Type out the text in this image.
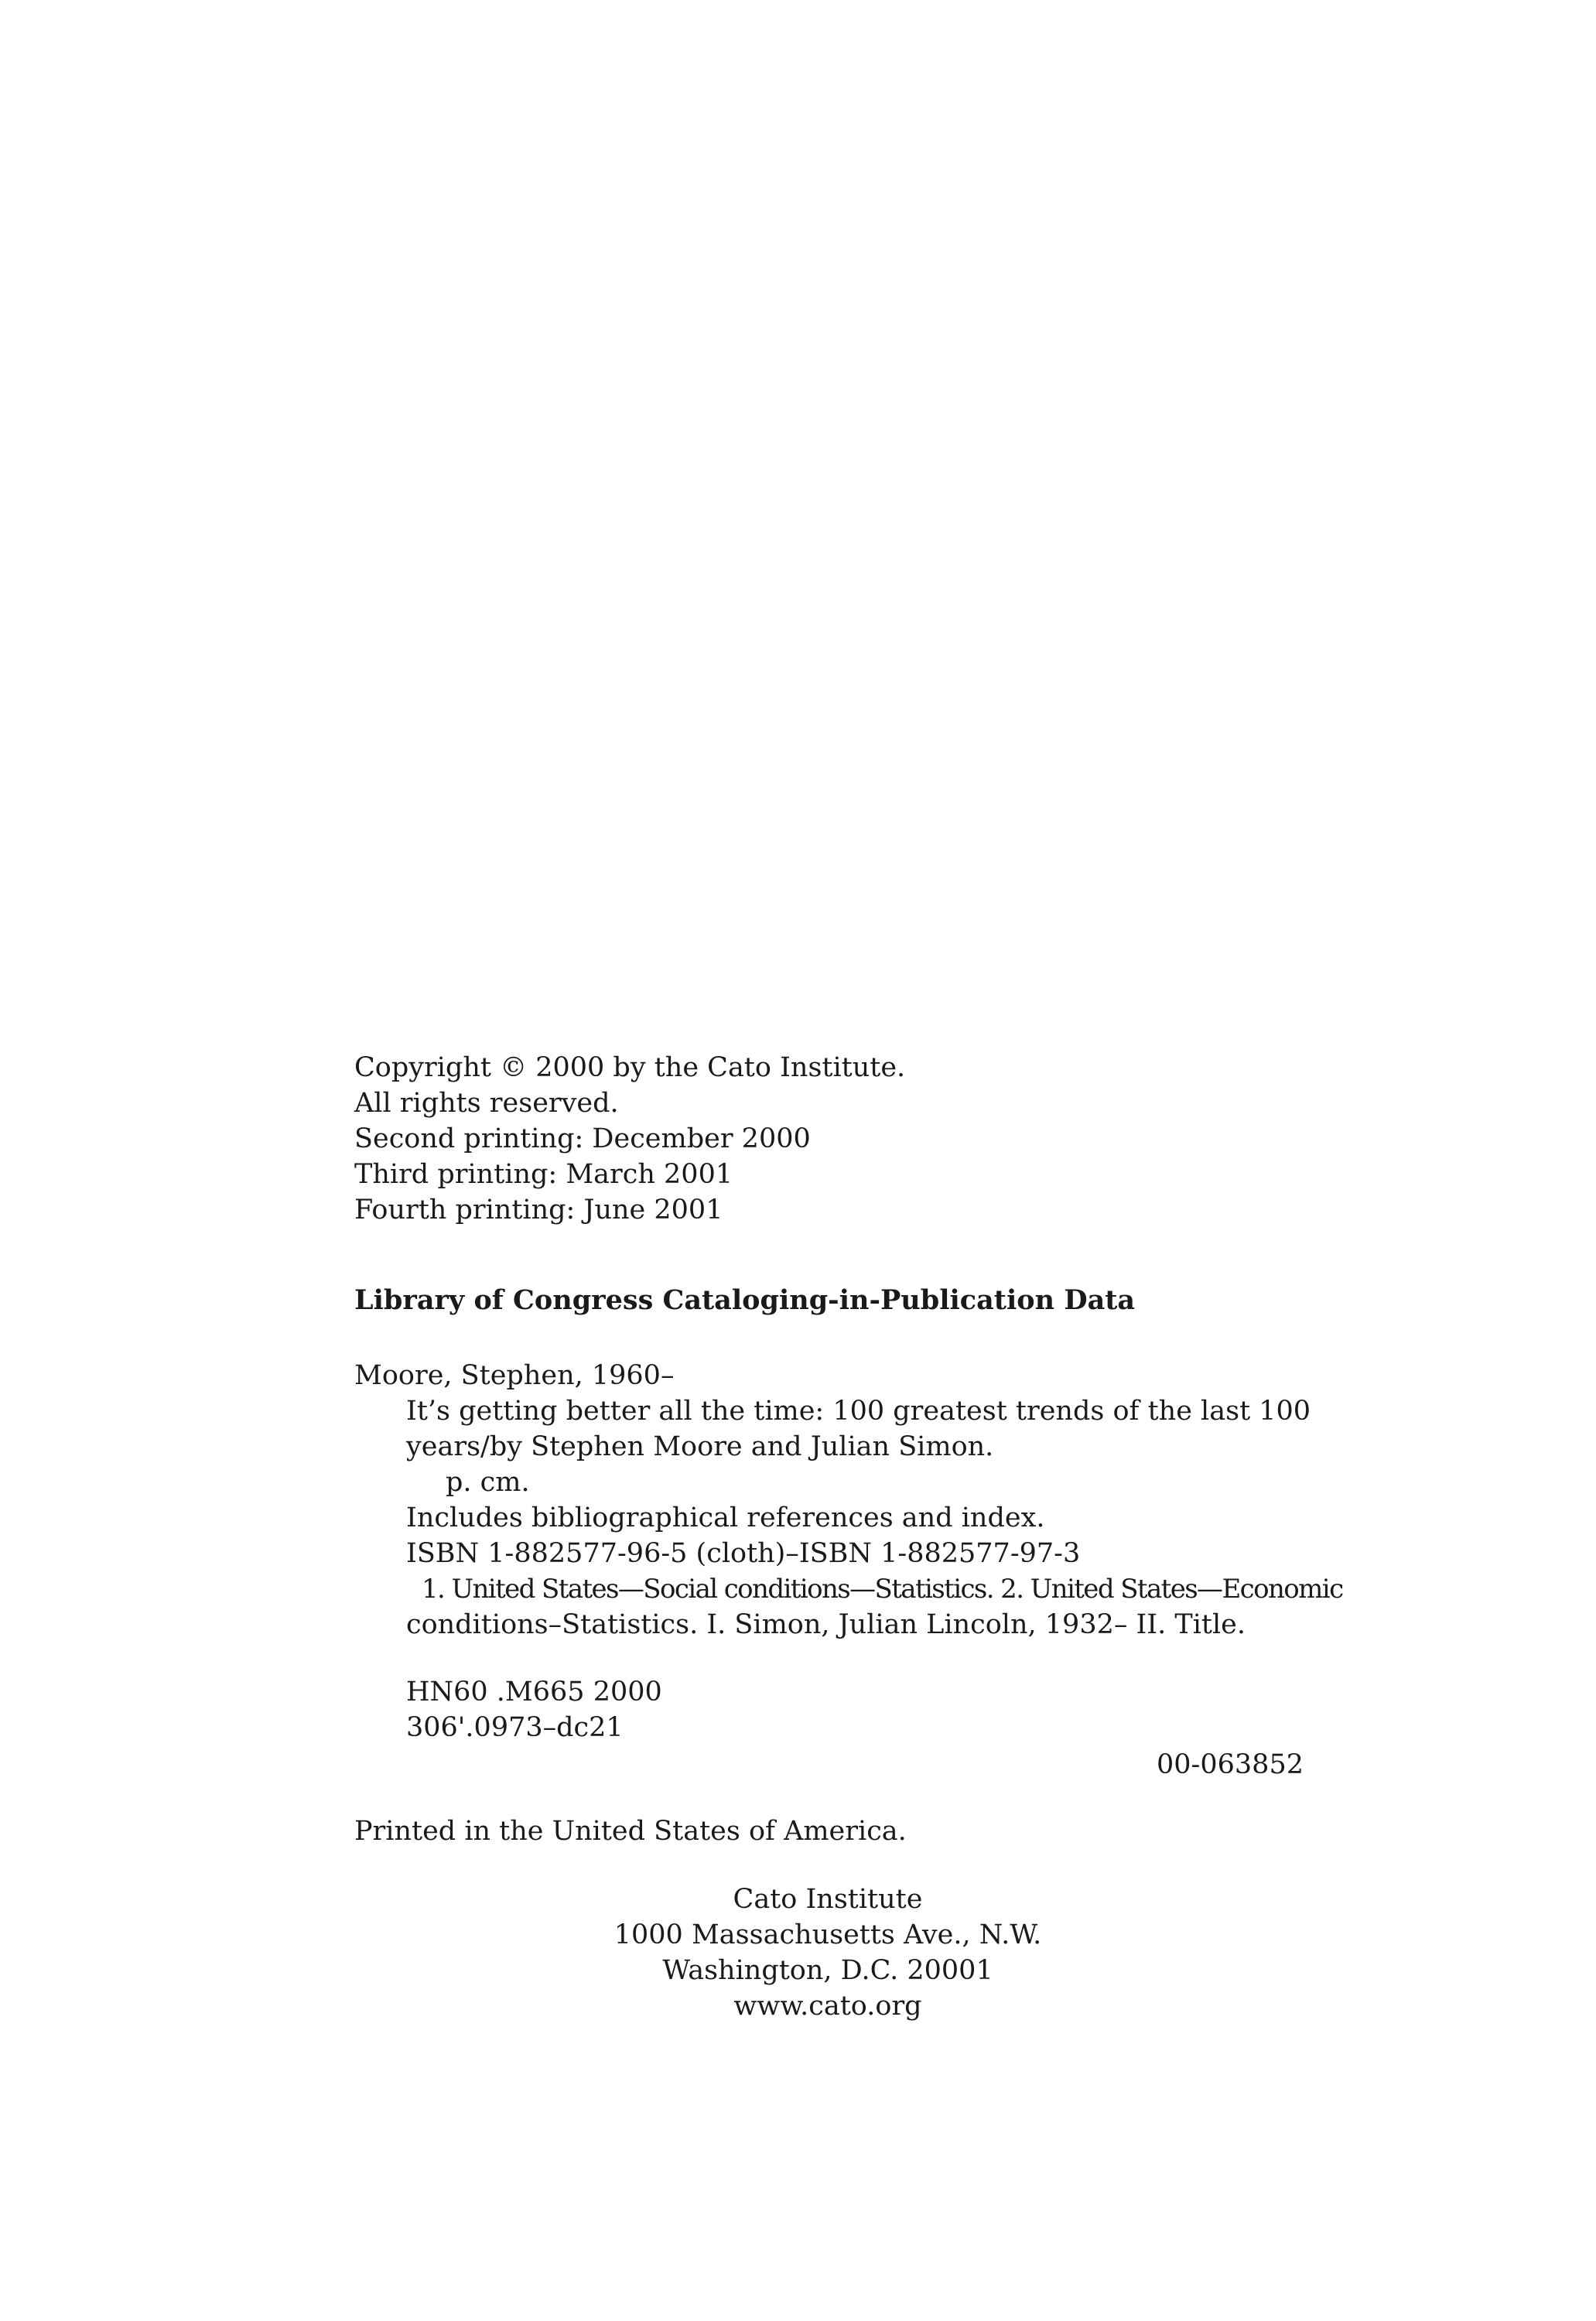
Copyright © 2000 by the Cato Institute.
All rights reserved.
Second printing: December 2000
Third printing: March 2001
Fourth printing: June 2001
Library of Congress Cataloging-in-Publication Data
Moore, Stephen, 1960–
It’s getting better all the time: 100 greatest trends of the last 100
years/by Stephen Moore and Julian Simon.
p. cm.
Includes bibliographical references and index.
ISBN 1-882577-96-5 (cloth)–ISBN 1-882577-97-3
1. United States—Social conditions—Statistics. 2. United States—Economic
conditions–Statistics. I. Simon, Julian Lincoln, 1932– II. Title.
HN60 .M665 2000
306'.0973–dc21
00-063852
Printed in the United States of America.
Cato Institute
1000 Massachusetts Ave., N.W.
Washington, D.C. 20001
www.cato.org
